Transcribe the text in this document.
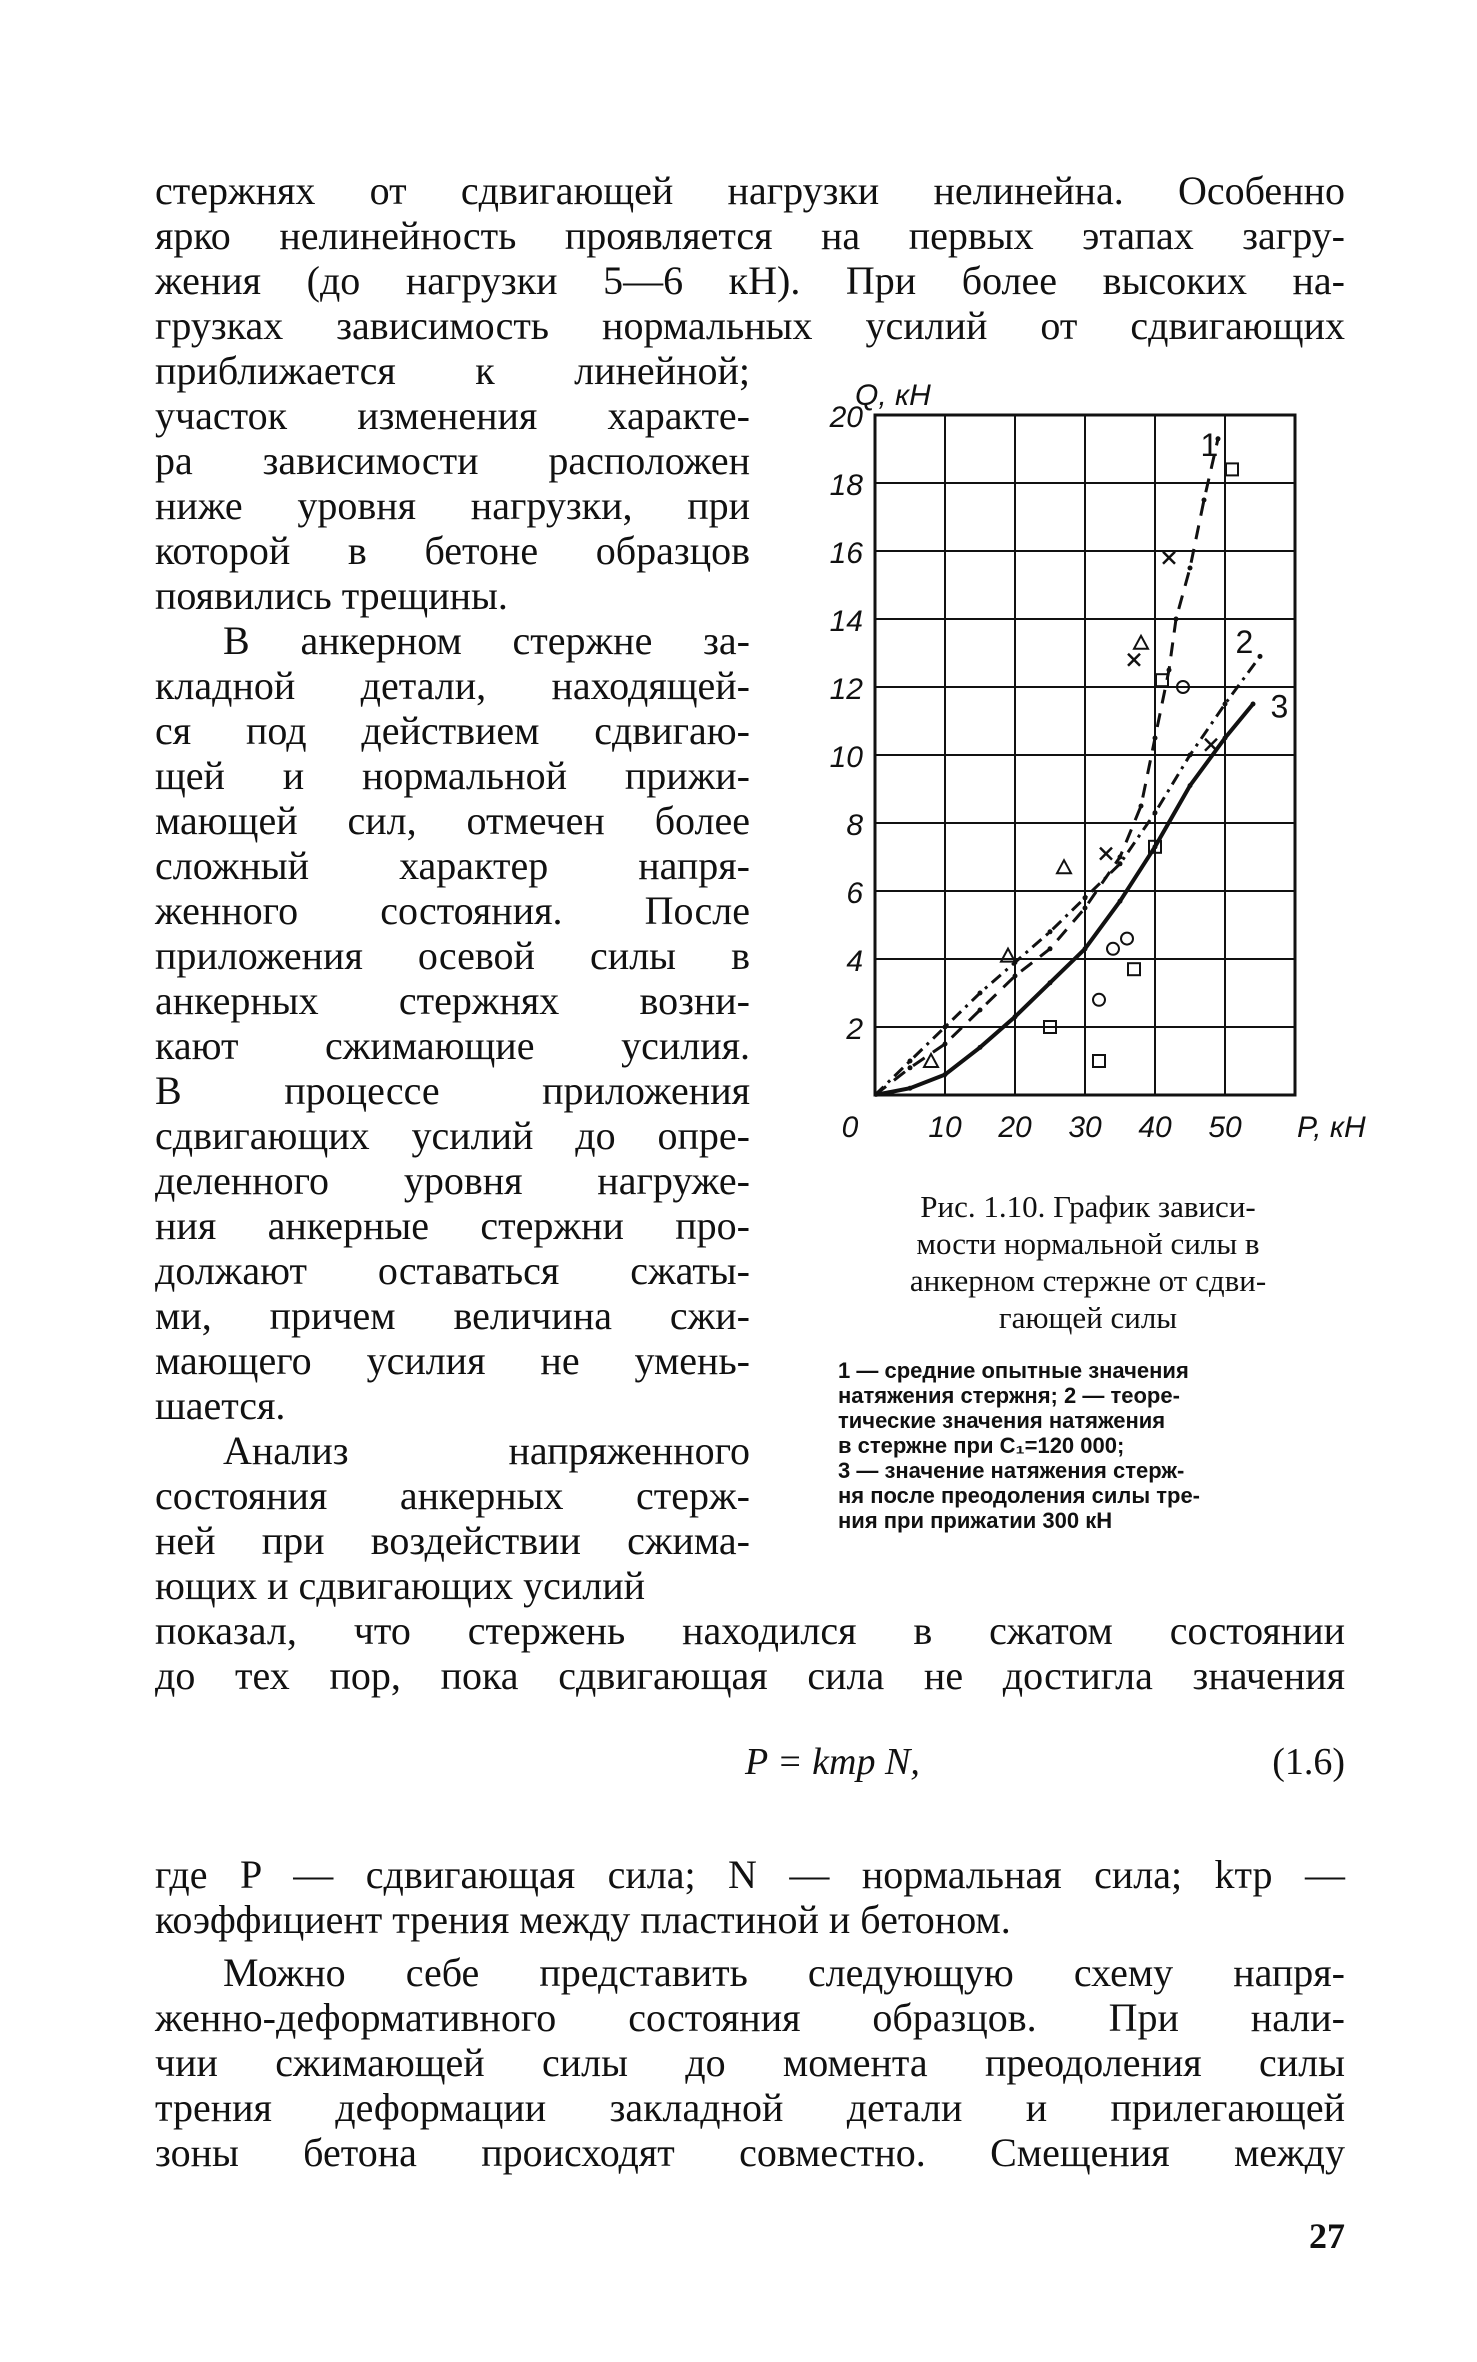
стержнях от сдвигающей нагрузки нелинейна. Особенно
ярко нелинейность проявляется на первых этапах загру-
жения (до нагрузки 5—6 кН). При более высоких на-
грузках зависимость нормальных усилий от сдвигающих
приближается к линейной;
участок изменения характе-
ра зависимости расположен
ниже уровня нагрузки, при
которой в бетоне образцов
появились трещины.
В анкерном стержне за-
кладной детали, находящей-
ся под действием сдвигаю-
щей и нормальной прижи-
мающей сил, отмечен более
сложный характер напря-
женного состояния. После
приложения осевой силы в
анкерных стержнях возни-
кают сжимающие усилия.
В процессе приложения
сдвигающих усилий до опре-
деленного уровня нагруже-
ния анкерные стержни про-
должают оставаться сжаты-
ми, причем величина сжи-
мающего усилия не умень-
шается.
Анализ напряженного
состояния анкерных стерж-
ней при воздействии сжима-
ющих и сдвигающих усилий
10 20 30 40 50
2
4
6
8
10
12
14
16
18
20
0	P, кН
Q, кН
1
2
3
Рис. 1.10. График зависи-
мости нормальной силы в
анкерном стержне от сдви-
гающей силы
1 — средние опытные значения
натяжения стержня; 2 — теоре-
тические значения натяжения
в стержне при C₁=120 000;
3 — значение натяжения стерж-
ня после преодоления силы тре-
ния при прижатии 300 кН
показал, что стержень находился в сжатом состоянии
до тех пор, пока сдвигающая сила не достигла значения
P = kтр N,	(1.6)
где P — сдвигающая сила; N — нормальная сила; kтр —
коэффициент трения между пластиной и бетоном.
Можно себе представить следующую схему напря-
женно-деформативного состояния образцов. При нали-
чии сжимающей силы до момента преодоления силы
трения деформации закладной детали и прилегающей
зоны бетона происходят совместно. Смещения между
27
